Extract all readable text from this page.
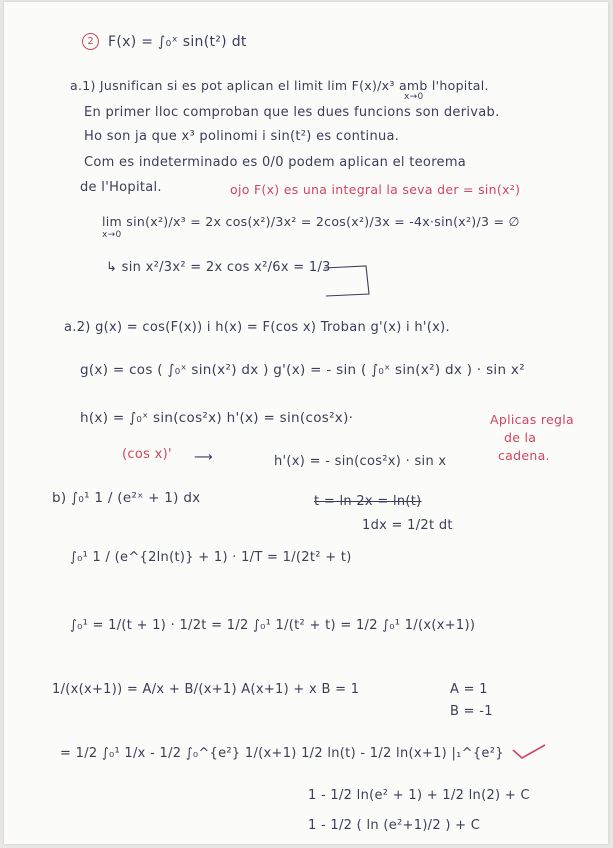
2	F(x) = ∫₀ˣ sin(t²) dt
a.1) Jusnifican si es pot aplican el limit lim F(x)/x³ amb l'hopital.
x→0
En primer lloc comproban que les dues funcions son derivab.
Ho son ja que x³ polinomi i sin(t²) es continua.
Com es indeterminado es 0/0 podem aplican el teorema
de l'Hopital.	ojo F(x) es una integral la seva der = sin(x²)
lim sin(x²)/x³ = 2x cos(x²)/3x² = 2cos(x²)/3x = -4x·sin(x²)/3 = ∅
x→0
↳ sin x²/3x² = 2x cos x²/6x = 1/3
a.2) g(x) = cos(F(x)) i h(x) = F(cos x) Troban g'(x) i h'(x).
g(x) = cos ( ∫₀ˣ sin(x²) dx ) g'(x) = - sin ( ∫₀ˣ sin(x²) dx ) · sin x²
h(x) = ∫₀ˣ sin(cos²x) h'(x) = sin(cos²x)·	Aplicas regla
de la
cadena.
(cos x)' ⟶	h'(x) = - sin(cos²x) · sin x
b) ∫₀¹ 1 / (e²ˣ + 1) dx	t = ln 2x = ln(t)
1dx = 1/2t dt
∫₀¹ 1 / (e^{2ln(t)} + 1) · 1/T = 1/(2t² + t)
∫₀¹ = 1/(t + 1) · 1/2t = 1/2 ∫₀¹ 1/(t² + t) = 1/2 ∫₀¹ 1/(x(x+1))
1/(x(x+1)) = A/x + B/(x+1) A(x+1) + x B = 1	A = 1
B = -1
= 1/2 ∫₀¹ 1/x - 1/2 ∫₀^{e²} 1/(x+1) 1/2 ln(t) - 1/2 ln(x+1) |₁^{e²}
1 - 1/2 ln(e² + 1) + 1/2 ln(2) + C
1 - 1/2 ( ln (e²+1)/2 ) + C
